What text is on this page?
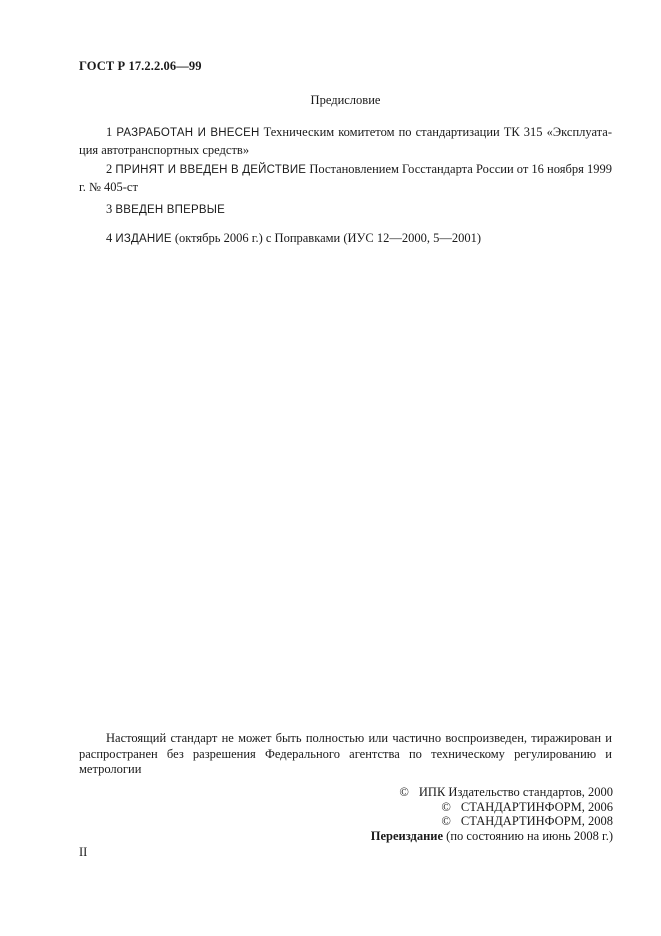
ГОСТ Р 17.2.2.06—99
Предисловие
1 РАЗРАБОТАН И ВНЕСЕН Техническим комитетом по стандартизации ТК 315 «Эксплуатация автотранспортных средств»
2 ПРИНЯТ И ВВЕДЕН В ДЕЙСТВИЕ Постановлением Госстандарта России от 16 ноября 1999 г. № 405-ст
3 ВВЕДЕН ВПЕРВЫЕ
4 ИЗДАНИЕ (октябрь 2006 г.) с Поправками (ИУС 12—2000, 5—2001)
Настоящий стандарт не может быть полностью или частично воспроизведен, тиражирован и распространен без разрешения Федерального агентства по техническому регулированию и метрологии
© ИПК Издательство стандартов, 2000
© СТАНДАРТИНФОРМ, 2006
© СТАНДАРТИНФОРМ, 2008
Переиздание (по состоянию на июнь 2008 г.)
II
